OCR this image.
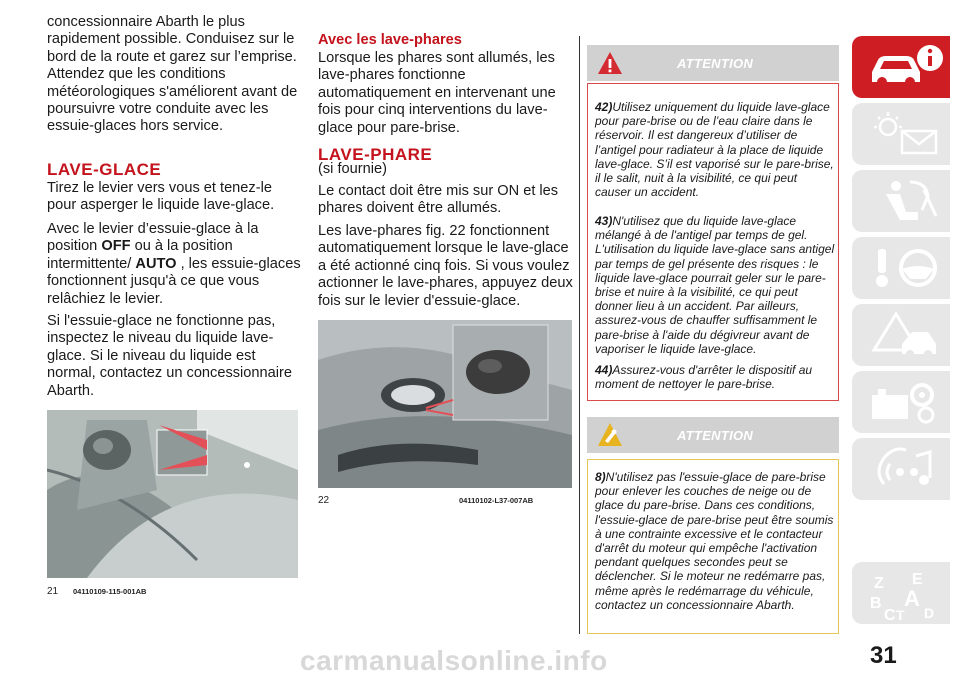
concessionnaire Abarth le plus rapidement possible. Conduisez sur le bord de la route et garez sur l’emprise. Attendez que les conditions météorologiques s'améliorent avant de poursuivre votre conduite avec les essuie-glaces hors service.

LAVE-GLACE

Tirez le levier vers vous et tenez-le pour asperger le liquide lave-glace.

Avec le levier d’essuie-glace à la position OFF ou à la position intermittente/ AUTO , les essuie-glaces fonctionnent jusqu'à ce que vous relâchiez le levier.

Si l'essuie-glace ne fonctionne pas, inspectez le niveau du liquide lave-glace. Si le niveau du liquide est normal, contactez un concessionnaire Abarth.

21 04110109-115-001AB

Avec les lave-phares

Lorsque les phares sont allumés, les lave-phares fonctionne automatiquement en intervenant une fois pour cinq interventions du lave-glace pour pare-brise.

LAVE-PHARE

(si fournie)

Le contact doit être mis sur ON et les phares doivent être allumés.

Les lave-phares fig. 22 fonctionnent automatiquement lorsque le lave-glace a été actionné cinq fois. Si vous voulez actionner le lave-phares, appuyez deux fois sur le levier d'essuie-glace.

22	04110102-L37-007AB
ATTENTION
42)Utilisez uniquement du liquide lave-glace pour pare-brise ou de l’eau claire dans le réservoir. Il est dangereux d’utiliser de l’antigel pour radiateur à la place de liquide lave-glace. S’il est vaporisé sur le pare-brise, il le salit, nuit à la visibilité, ce qui peut causer un accident.
43)N'utilisez que du liquide lave-glace mélangé à de l'antigel par temps de gel. L'utilisation du liquide lave-glace sans antigel par temps de gel présente des risques : le liquide lave-glace pourrait geler sur le pare-brise et nuire à la visibilité, ce qui peut donner lieu à un accident. Par ailleurs, assurez-vous de chauffer suffisamment le pare-brise à l'aide du dégivreur avant de vaporiser le liquide lave-glace.
44)Assurez-vous d'arrêter le dispositif au moment de nettoyer le pare-brise.
ATTENTION
8)N'utilisez pas l'essuie-glace de pare-brise pour enlever les couches de neige ou de glace du pare-brise. Dans ces conditions, l'essuie-glace de pare-brise peut être soumis à une contrainte excessive et le contacteur d'arrêt du moteur qui empêche l'activation pendant quelques secondes peut se déclencher. Si le moteur ne redémarre pas, même après le redémarrage du véhicule, contactez un concessionnaire Abarth.
Z E
B A
C T D
31
carmanualsonline.info
